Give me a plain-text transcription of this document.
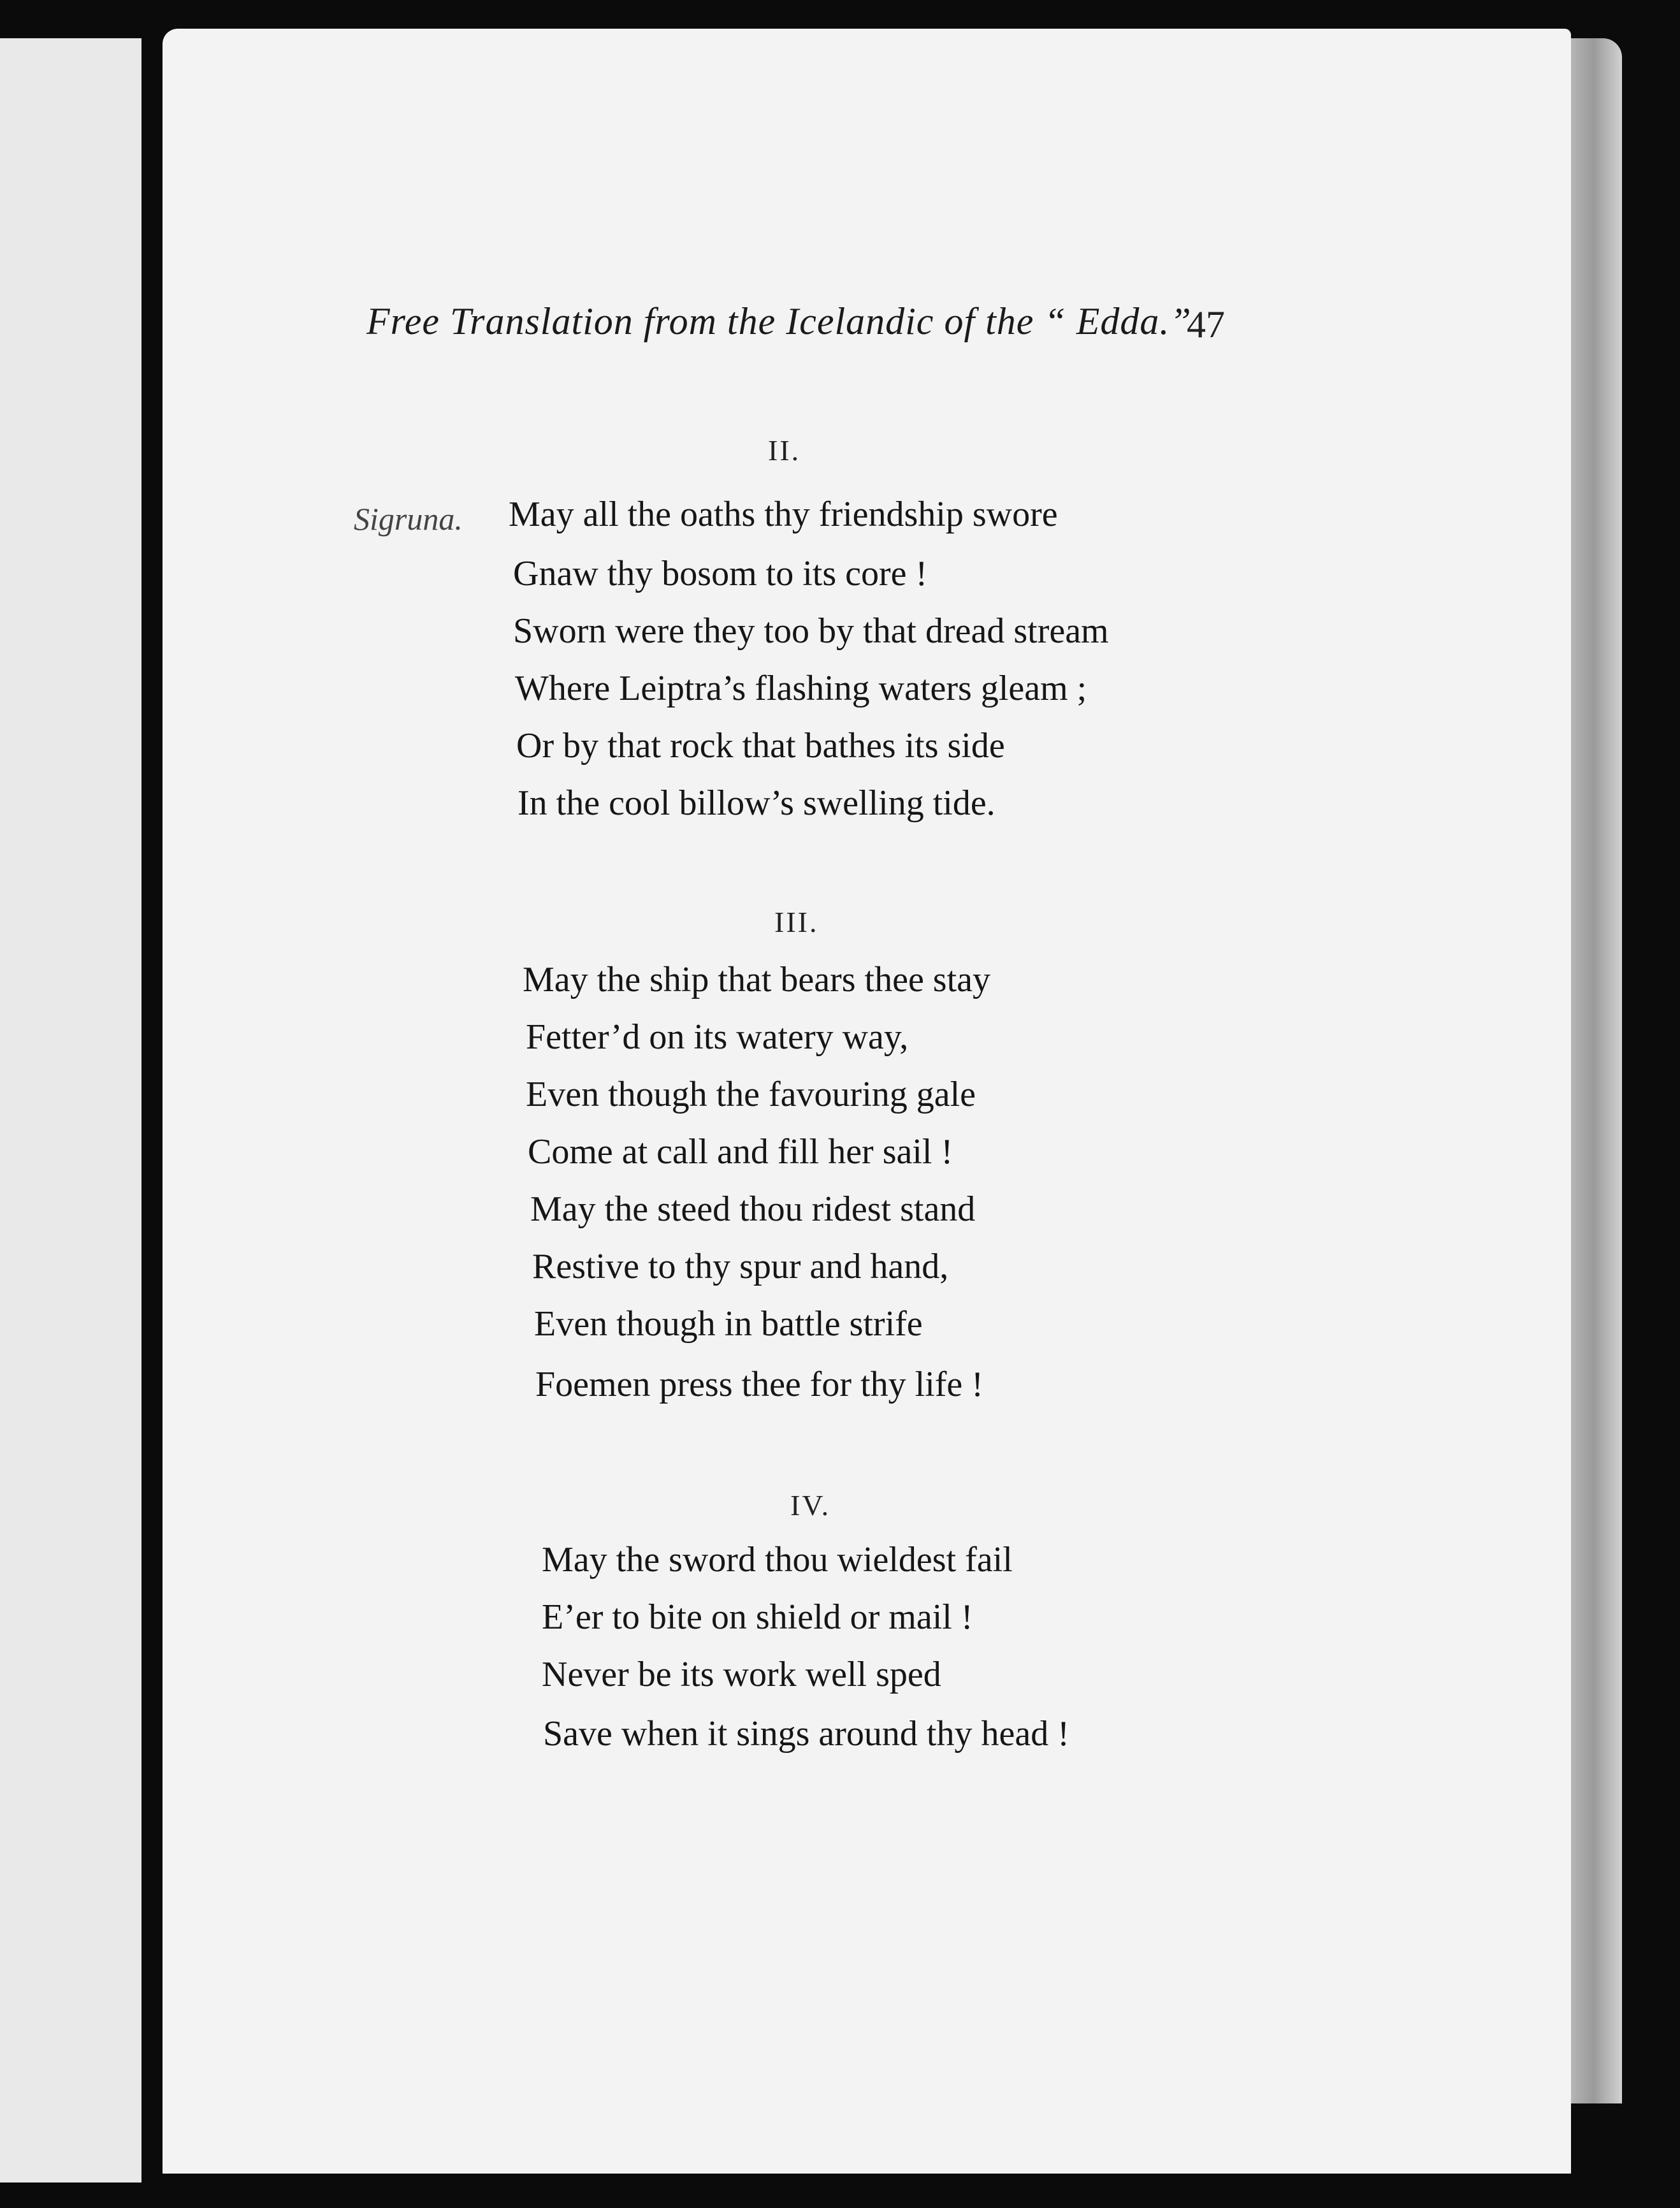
Free Translation from the Icelandic of the “ Edda.”
47
II.
Sigruna. May all the oaths thy friendship swore
Gnaw thy bosom to its core !
Sworn were they too by that dread stream
Where Leiptra’s flashing waters gleam ;
Or by that rock that bathes its side
In the cool billow’s swelling tide.
III.
May the ship that bears thee stay
Fetter’d on its watery way,
Even though the favouring gale
Come at call and fill her sail !
May the steed thou ridest stand
Restive to thy spur and hand,
Even though in battle strife
Foemen press thee for thy life !
IV.
May the sword thou wieldest fail
E’er to bite on shield or mail !
Never be its work well sped
Save when it sings around thy head !
